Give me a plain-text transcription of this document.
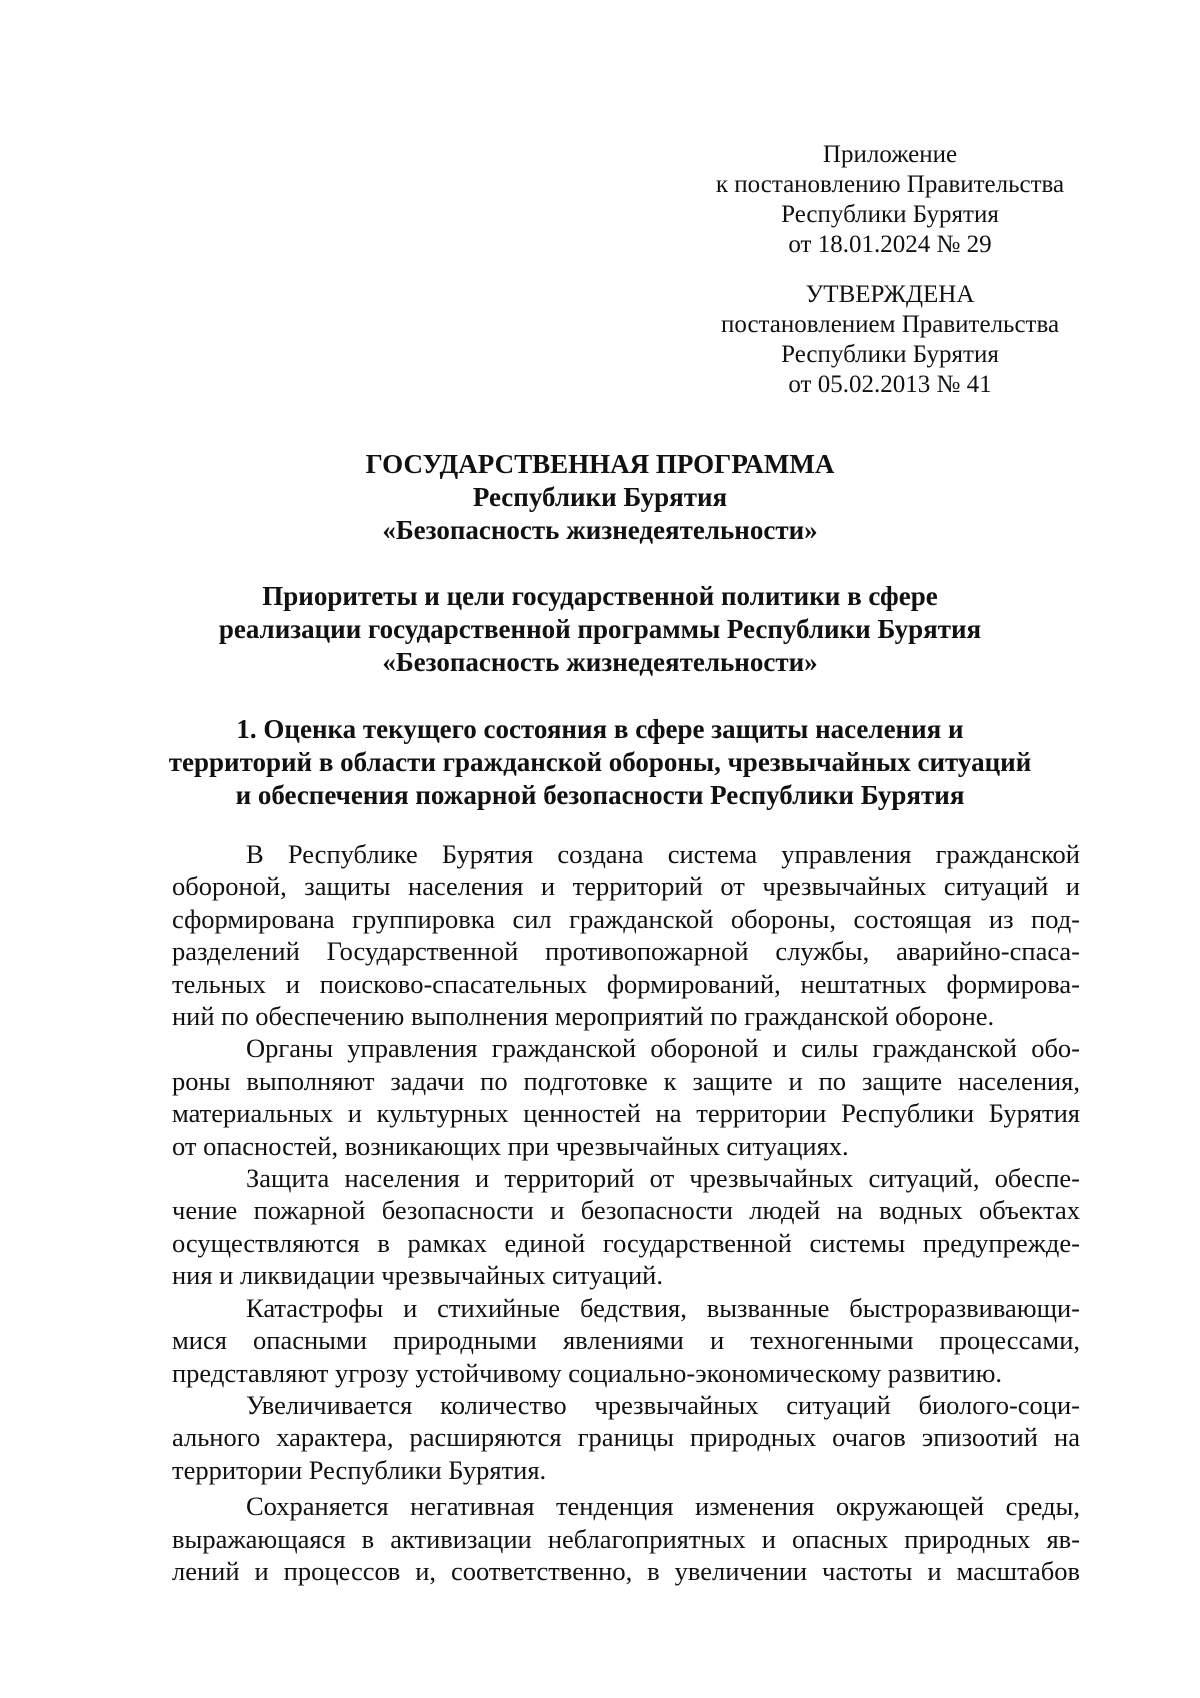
Приложение
к постановлению Правительства
Республики Бурятия
от 18.01.2024 № 29
УТВЕРЖДЕНА
постановлением Правительства
Республики Бурятия
от 05.02.2013 № 41
ГОСУДАРСТВЕННАЯ ПРОГРАММА
Республики Бурятия
«Безопасность жизнедеятельности»
Приоритеты и цели государственной политики в сфере
реализации государственной программы Республики Бурятия
«Безопасность жизнедеятельности»
1. Оценка текущего состояния в сфере защиты населения и
территорий в области гражданской обороны, чрезвычайных ситуаций
и обеспечения пожарной безопасности Республики Бурятия
В Республике Бурятия создана система управления гражданской
обороной, защиты населения и территорий от чрезвычайных ситуаций и
сформирована группировка сил гражданской обороны, состоящая из под-
разделений Государственной противопожарной службы, аварийно-спаса-
тельных и поисково-спасательных формирований, нештатных формирова-
ний по обеспечению выполнения мероприятий по гражданской обороне.
Органы управления гражданской обороной и силы гражданской обо-
роны выполняют задачи по подготовке к защите и по защите населения,
материальных и культурных ценностей на территории Республики Бурятия
от опасностей, возникающих при чрезвычайных ситуациях.
Защита населения и территорий от чрезвычайных ситуаций, обеспе-
чение пожарной безопасности и безопасности людей на водных объектах
осуществляются в рамках единой государственной системы предупрежде-
ния и ликвидации чрезвычайных ситуаций.
Катастрофы и стихийные бедствия, вызванные быстроразвивающи-
мися опасными природными явлениями и техногенными процессами,
представляют угрозу устойчивому социально-экономическому развитию.
Увеличивается количество чрезвычайных ситуаций биолого-соци-
ального характера, расширяются границы природных очагов эпизоотий на
территории Республики Бурятия.
Сохраняется негативная тенденция изменения окружающей среды,
выражающаяся в активизации неблагоприятных и опасных природных яв-
лений и процессов и, соответственно, в увеличении частоты и масштабов
